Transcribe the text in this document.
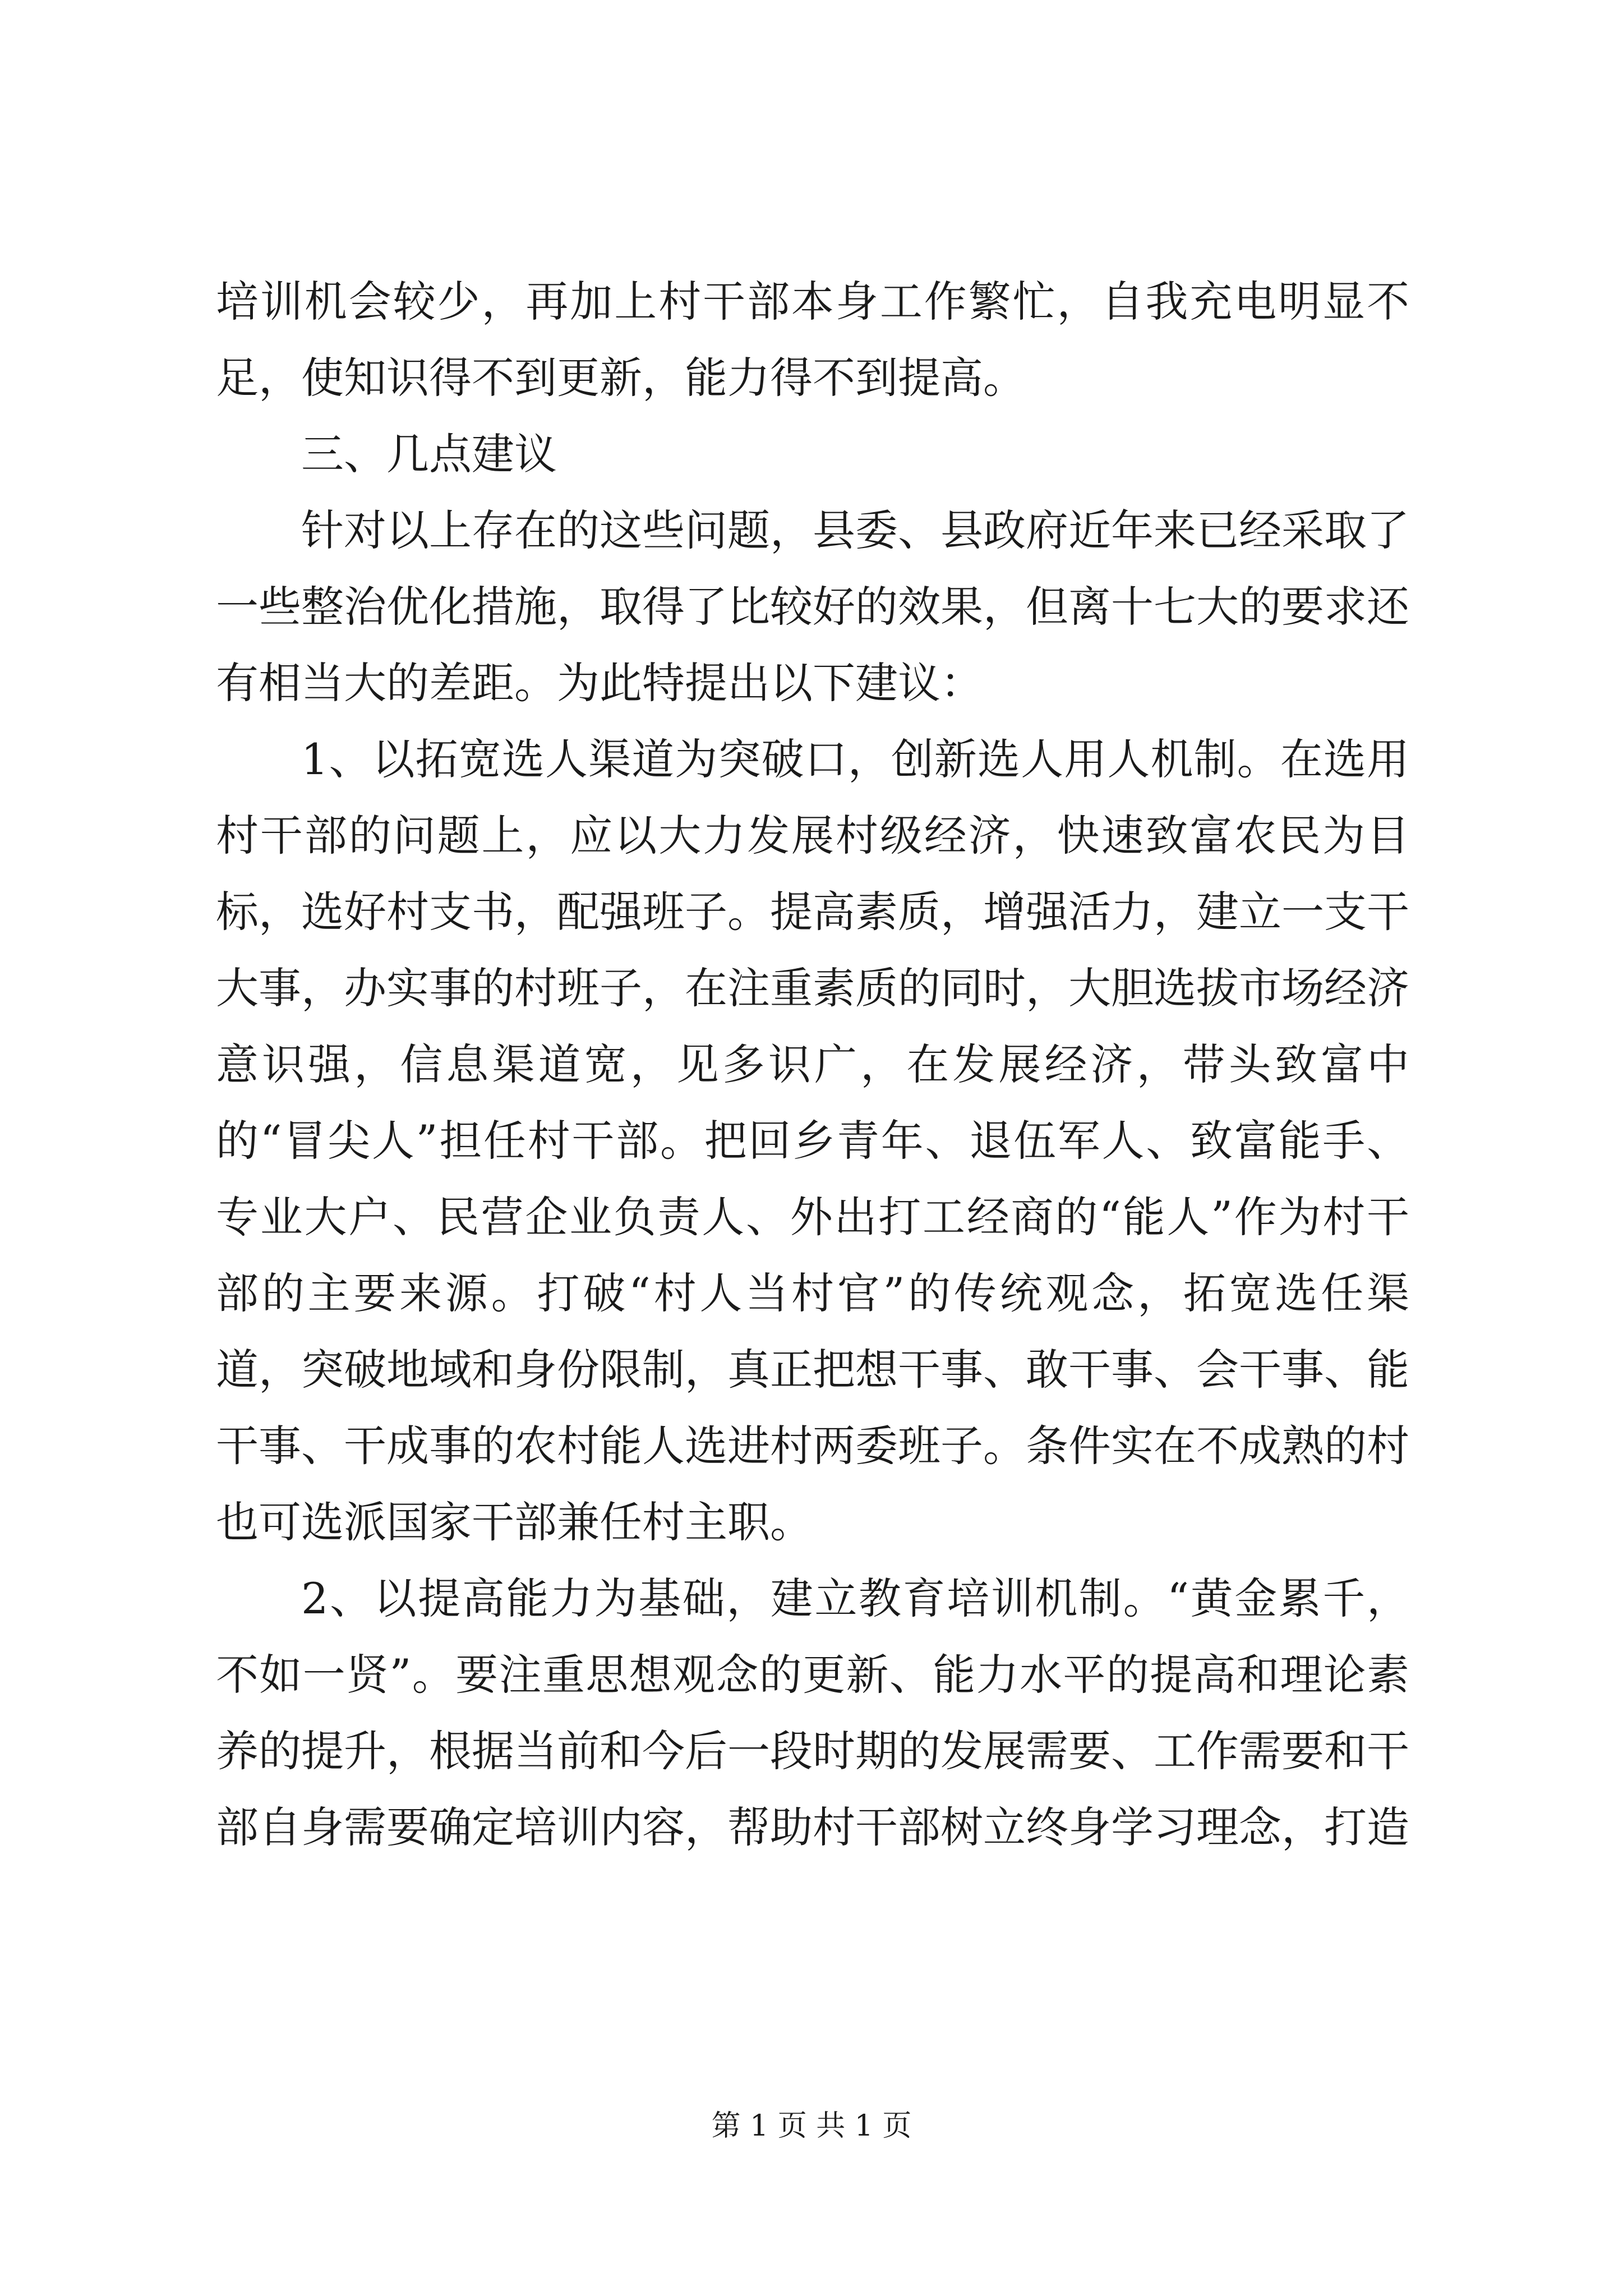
培训机会较少，再加上村干部本身工作繁忙，自我充电明显不足，使知识得不到更新，能力得不到提高。

三、几点建议

针对以上存在的这些问题，县委、县政府近年来已经采取了一些整治优化措施，取得了比较好的效果，但离十七大的要求还有相当大的差距。为此特提出以下建议：

1、以拓宽选人渠道为突破口，创新选人用人机制。在选用村干部的问题上，应以大力发展村级经济，快速致富农民为目标，选好村支书，配强班子。提高素质，增强活力，建立一支干大事，办实事的村班子，在注重素质的同时，大胆选拔市场经济意识强，信息渠道宽，见多识广，在发展经济，带头致富中的“冒尖人”担任村干部。把回乡青年、退伍军人、致富能手、专业大户、民营企业负责人、外出打工经商的“能人”作为村干部的主要来源。打破“村人当村官”的传统观念，拓宽选任渠道，突破地域和身份限制，真正把想干事、敢干事、会干事、能干事、干成事的农村能人选进村两委班子。条件实在不成熟的村也可选派国家干部兼任村主职。

2、以提高能力为基础，建立教育培训机制。“黄金累千，不如一贤”。要注重思想观念的更新、能力水平的提高和理论素养的提升，根据当前和今后一段时期的发展需要、工作需要和干部自身需要确定培训内容，帮助村干部树立终身学习理念，打造

第 1 页 共 1 页
